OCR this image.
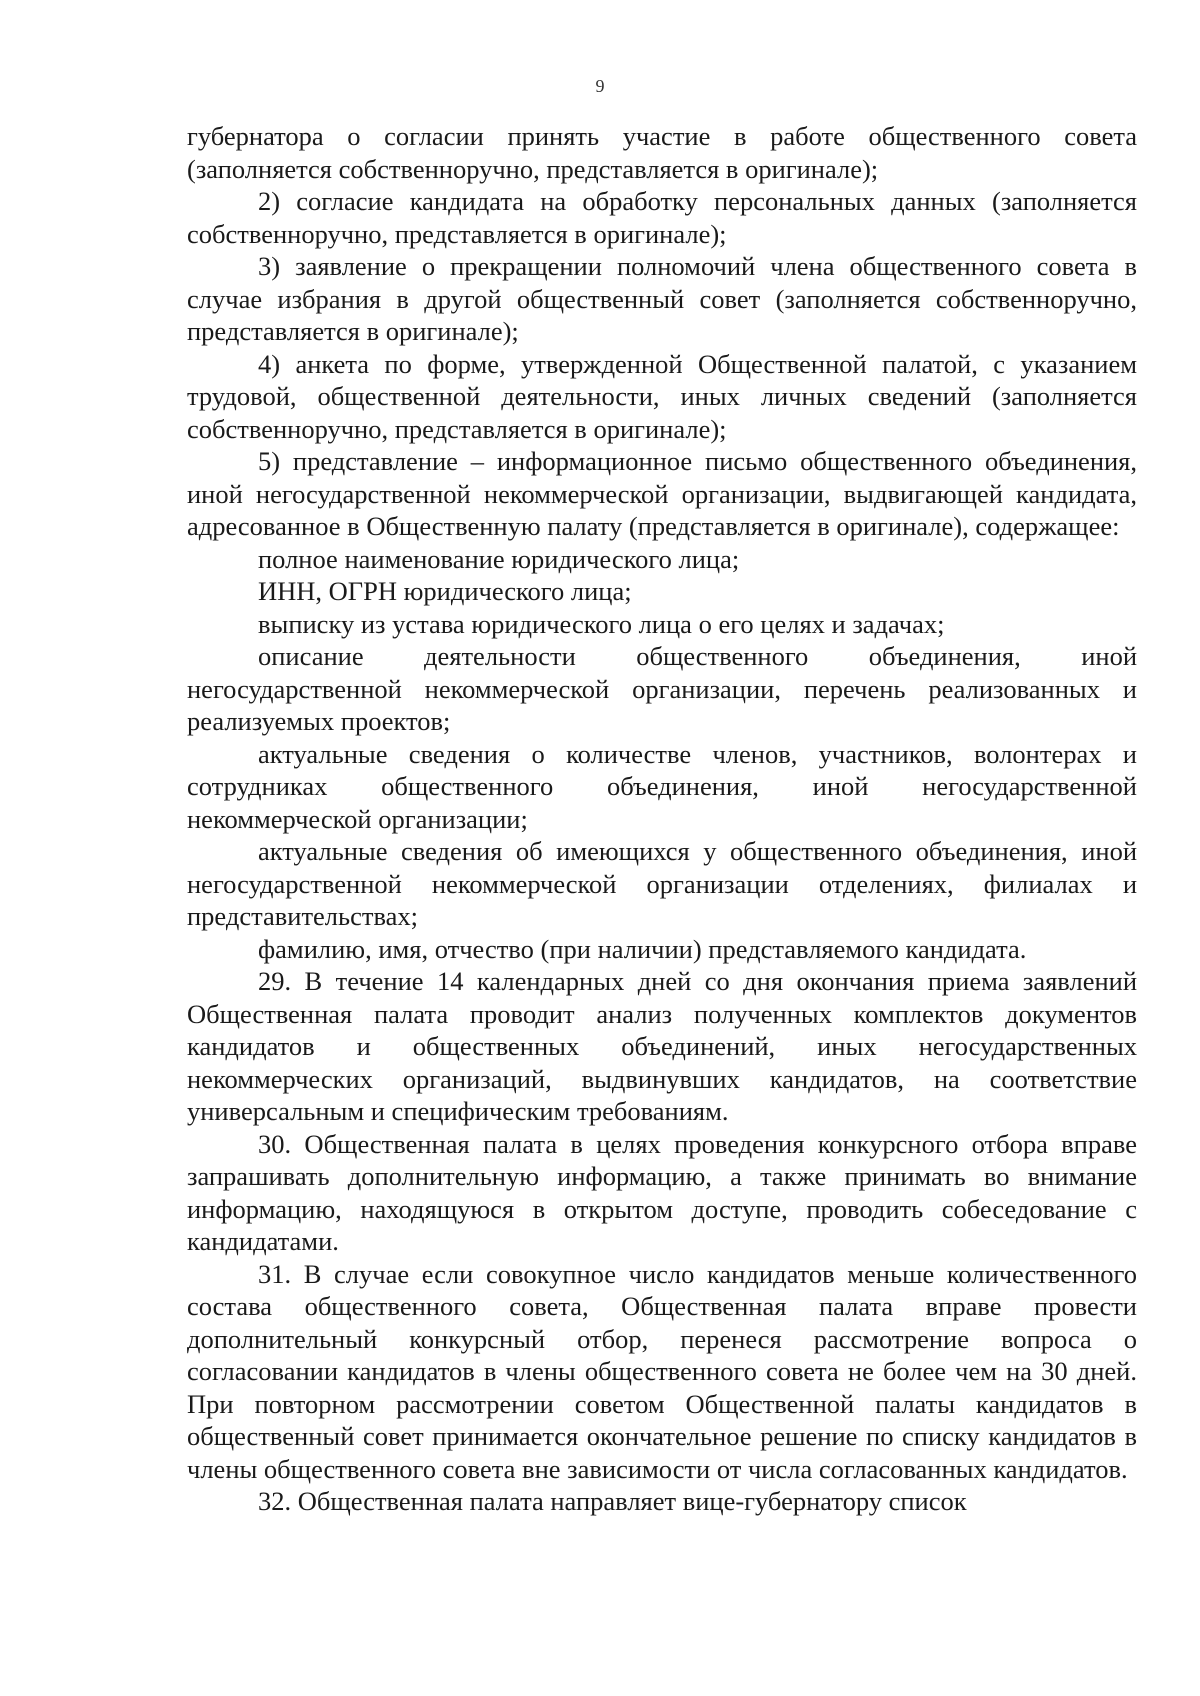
9

губернатора о согласии принять участие в работе общественного совета (заполняется собственноручно, представляется в оригинале);

2) согласие кандидата на обработку персональных данных (заполняется собственноручно, представляется в оригинале);

3) заявление о прекращении полномочий члена общественного совета в случае избрания в другой общественный совет (заполняется собственноручно, представляется в оригинале);

4) анкета по форме, утвержденной Общественной палатой, с указанием трудовой, общественной деятельности, иных личных сведений (заполняется собственноручно, представляется в оригинале);

5) представление – информационное письмо общественного объединения, иной негосударственной некоммерческой организации, выдвигающей кандидата, адресованное в Общественную палату (представляется в оригинале), содержащее:

полное наименование юридического лица;

ИНН, ОГРН юридического лица;

выписку из устава юридического лица о его целях и задачах;

описание деятельности общественного объединения, иной негосударственной некоммерческой организации, перечень реализованных и реализуемых проектов;

актуальные сведения о количестве членов, участников, волонтерах и сотрудниках общественного объединения, иной негосударственной некоммерческой организации;

актуальные сведения об имеющихся у общественного объединения, иной негосударственной некоммерческой организации отделениях, филиалах и представительствах;

фамилию, имя, отчество (при наличии) представляемого кандидата.

29. В течение 14 календарных дней со дня окончания приема заявлений Общественная палата проводит анализ полученных комплектов документов кандидатов и общественных объединений, иных негосударственных некоммерческих организаций, выдвинувших кандидатов, на соответствие универсальным и специфическим требованиям.

30. Общественная палата в целях проведения конкурсного отбора вправе запрашивать дополнительную информацию, а также принимать во внимание информацию, находящуюся в открытом доступе, проводить собеседование с кандидатами.

31. В случае если совокупное число кандидатов меньше количественного состава общественного совета, Общественная палата вправе провести дополнительный конкурсный отбор, перенеся рассмотрение вопроса о согласовании кандидатов в члены общественного совета не более чем на 30 дней. При повторном рассмотрении советом Общественной палаты кандидатов в общественный совет принимается окончательное решение по списку кандидатов в члены общественного совета вне зависимости от числа согласованных кандидатов.

32. Общественная палата направляет вице-губернатору список
